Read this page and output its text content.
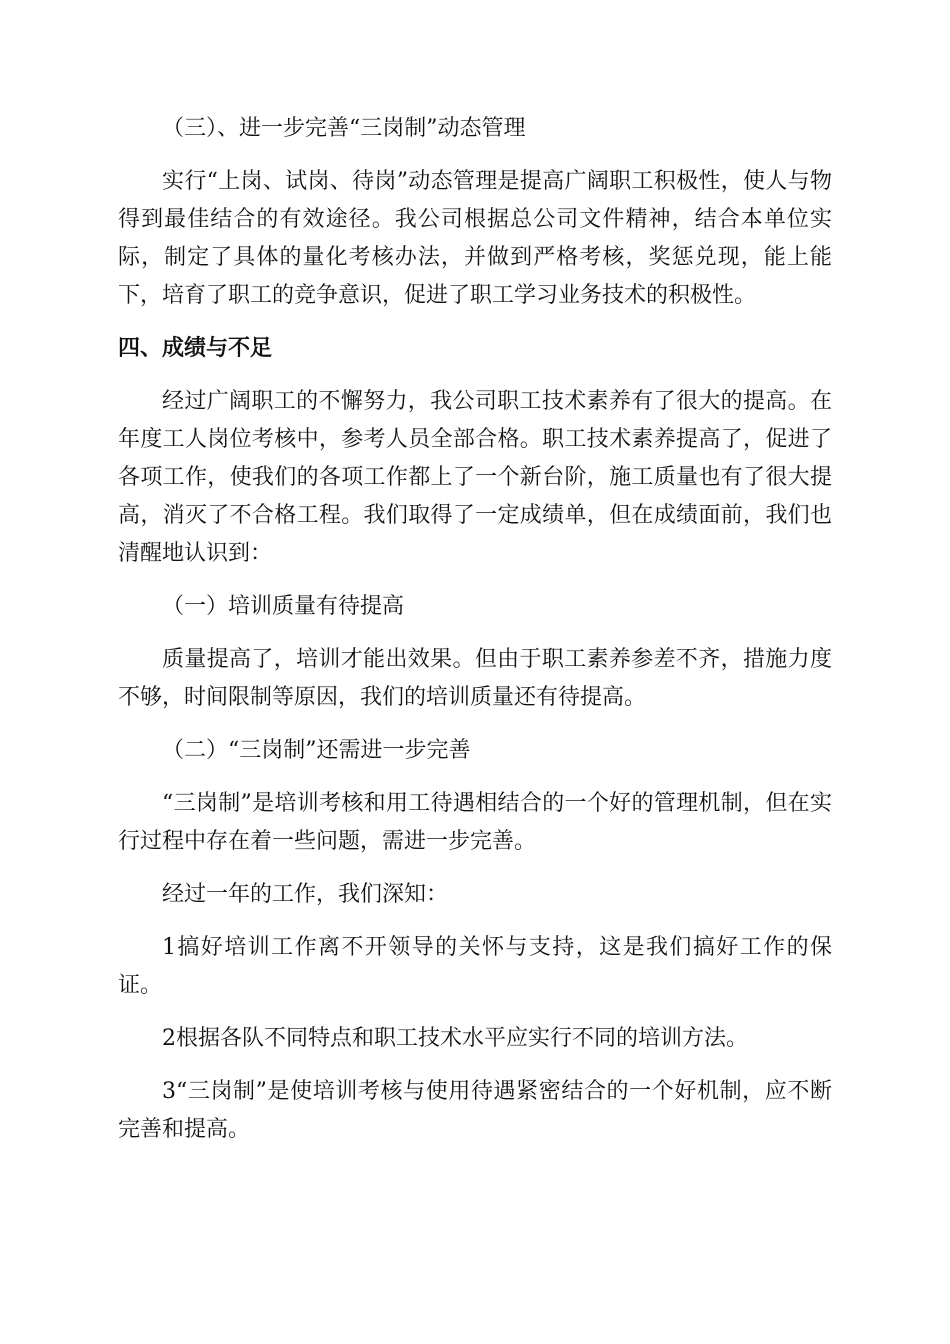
（三）、进一步完善“三岗制”动态管理

实行“上岗、试岗、待岗”动态管理是提高广阔职工积极性，使人与物得到最佳结合的有效途径。我公司根据总公司文件精神，结合本单位实际，制定了具体的量化考核办法，并做到严格考核，奖惩兑现，能上能下，培育了职工的竞争意识，促进了职工学习业务技术的积极性。

四、成绩与不足

经过广阔职工的不懈努力，我公司职工技术素养有了很大的提高。在年度工人岗位考核中，参考人员全部合格。职工技术素养提高了，促进了各项工作，使我们的各项工作都上了一个新台阶，施工质量也有了很大提高，消灭了不合格工程。我们取得了一定成绩单，但在成绩面前，我们也清醒地认识到：

（一）培训质量有待提高

质量提高了，培训才能出效果。但由于职工素养参差不齐，措施力度不够，时间限制等原因，我们的培训质量还有待提高。

（二）“三岗制”还需进一步完善

“三岗制”是培训考核和用工待遇相结合的一个好的管理机制，但在实行过程中存在着一些问题，需进一步完善。

经过一年的工作，我们深知：

1搞好培训工作离不开领导的关怀与支持，这是我们搞好工作的保证。

2根据各队不同特点和职工技术水平应实行不同的培训方法。

3“三岗制”是使培训考核与使用待遇紧密结合的一个好机制，应不断完善和提高。
